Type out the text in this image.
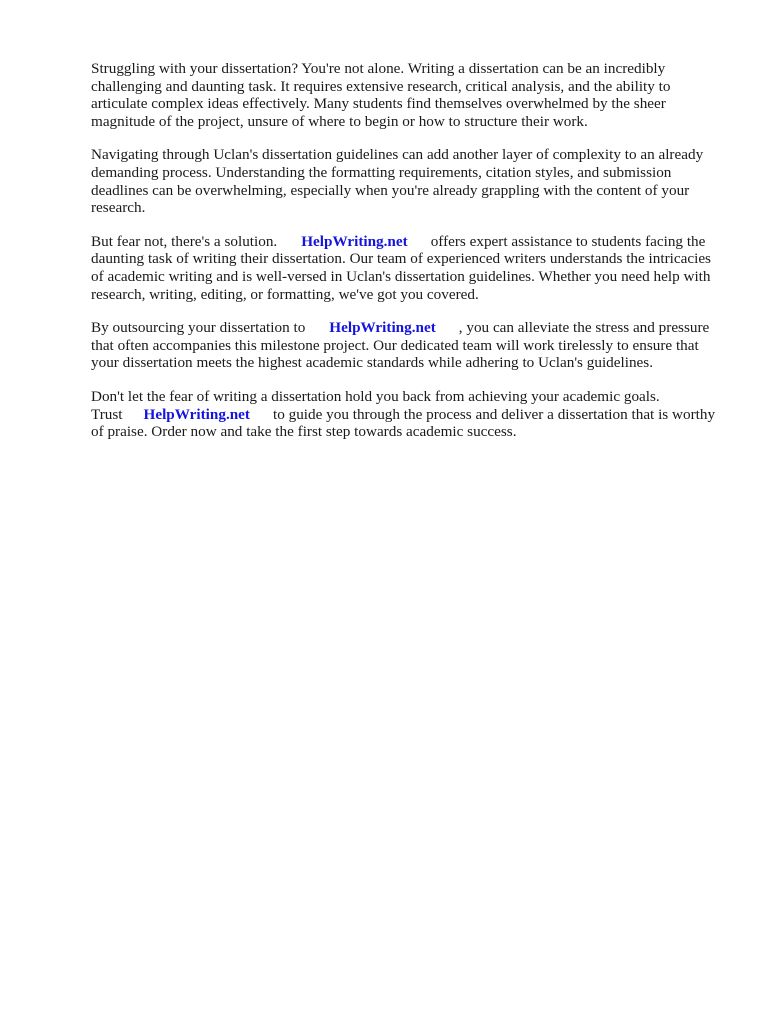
Struggling with your dissertation? You're not alone. Writing a dissertation can be an incredibly challenging and daunting task. It requires extensive research, critical analysis, and the ability to articulate complex ideas effectively. Many students find themselves overwhelmed by the sheer magnitude of the project, unsure of where to begin or how to structure their work.

Navigating through Uclan's dissertation guidelines can add another layer of complexity to an already demanding process. Understanding the formatting requirements, citation styles, and submission deadlines can be overwhelming, especially when you're already grappling with the content of your research.

But fear not, there's a solution. HelpWriting.net offers expert assistance to students facing the daunting task of writing their dissertation. Our team of experienced writers understands the intricacies of academic writing and is well-versed in Uclan's dissertation guidelines. Whether you need help with research, writing, editing, or formatting, we've got you covered.

By outsourcing your dissertation to HelpWriting.net , you can alleviate the stress and pressure that often accompanies this milestone project. Our dedicated team will work tirelessly to ensure that your dissertation meets the highest academic standards while adhering to Uclan's guidelines.

Don't let the fear of writing a dissertation hold you back from achieving your academic goals. Trust HelpWriting.net to guide you through the process and deliver a dissertation that is worthy of praise. Order now and take the first step towards academic success.
